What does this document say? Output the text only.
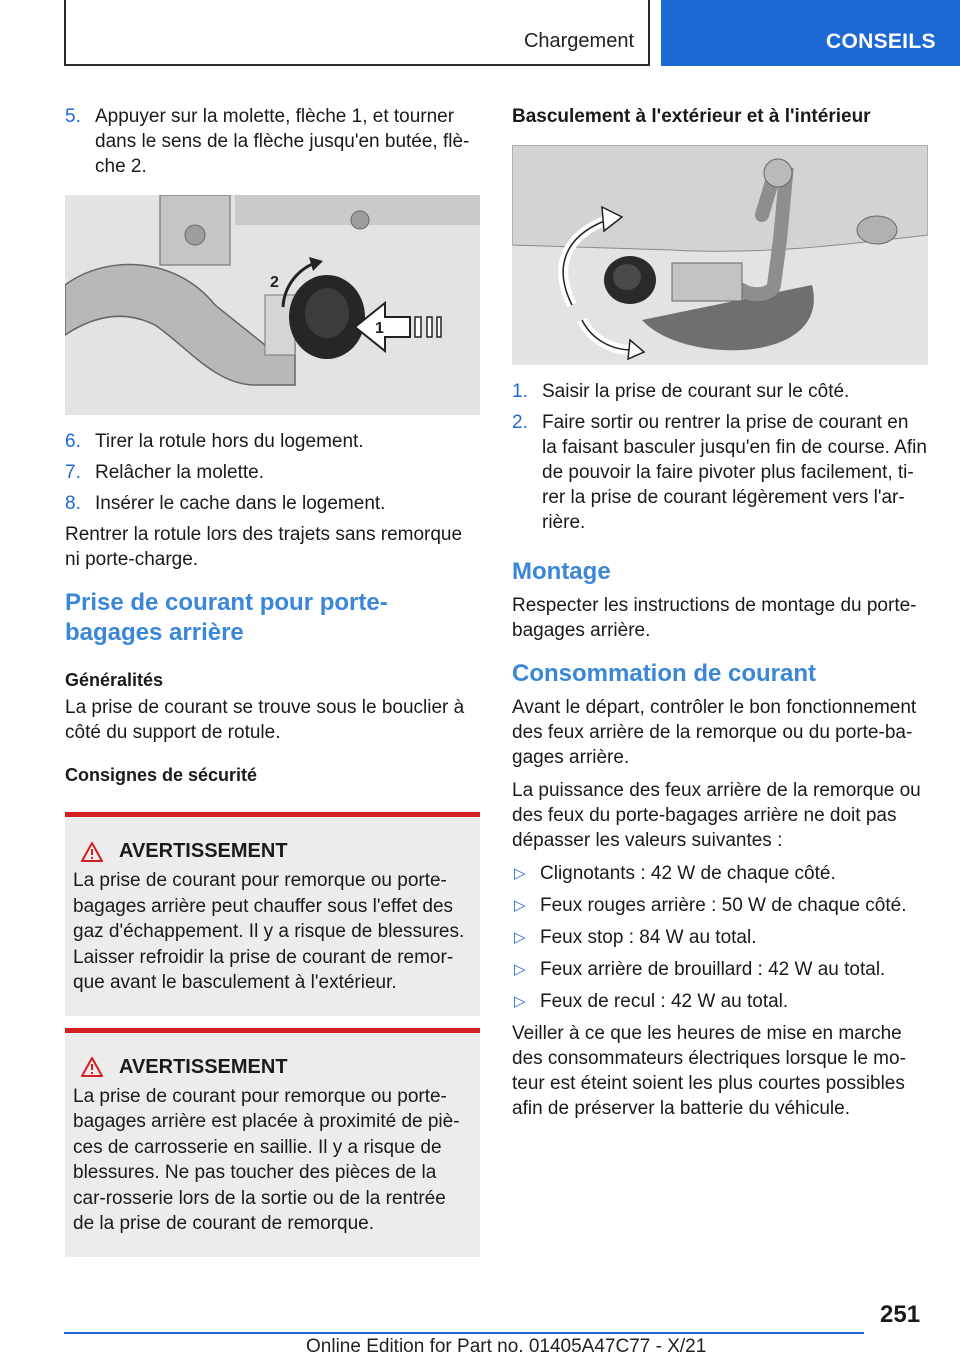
Chargement	CONSEILS
5. Appuyer sur la molette, flèche 1, et tourner dans le sens de la flèche jusqu'en butée, flè-che 2.
2
1
6. Tirer la rotule hors du logement.
7. Relâcher la molette.
8. Insérer le cache dans le logement.

Rentrer la rotule lors des trajets sans remorque ni porte-charge.

Prise de courant pour porte-bagages arrière
Généralités

La prise de courant se trouve sous le bouclier à côté du support de rotule.

Consignes de sécurité
AVERTISSEMENT

La prise de courant pour remorque ou porte-bagages arrière peut chauffer sous l'effet des gaz d'échappement. Il y a risque de blessures. Laisser refroidir la prise de courant de remor-que avant le basculement à l'extérieur.

AVERTISSEMENT

La prise de courant pour remorque ou porte-bagages arrière est placée à proximité de piè-ces de carrosserie en saillie. Il y a risque de blessures. Ne pas toucher des pièces de la car-rosserie lors de la sortie ou de la rentrée de la prise de courant de remorque.

Basculement à l'extérieur et à l'intérieur
1. Saisir la prise de courant sur le côté.
2. Faire sortir ou rentrer la prise de courant en la faisant basculer jusqu'en fin de course. Afin de pouvoir la faire pivoter plus facilement, ti-rer la prise de courant légèrement vers l'ar-rière.
Montage

Respecter les instructions de montage du porte-bagages arrière.

Consommation de courant

Avant le départ, contrôler le bon fonctionnement des feux arrière de la remorque ou du porte-ba-gages arrière.

La puissance des feux arrière de la remorque ou des feux du porte-bagages arrière ne doit pas dépasser les valeurs suivantes :

▷ Clignotants : 42 W de chaque côté.
▷ Feux rouges arrière : 50 W de chaque côté.
▷ Feux stop : 84 W au total.
▷ Feux arrière de brouillard : 42 W au total.
▷ Feux de recul : 42 W au total.

Veiller à ce que les heures de mise en marche des consommateurs électriques lorsque le mo-teur est éteint soient les plus courtes possibles afin de préserver la batterie du véhicule.

251
Online Edition for Part no. 01405A47C77 - X/21
